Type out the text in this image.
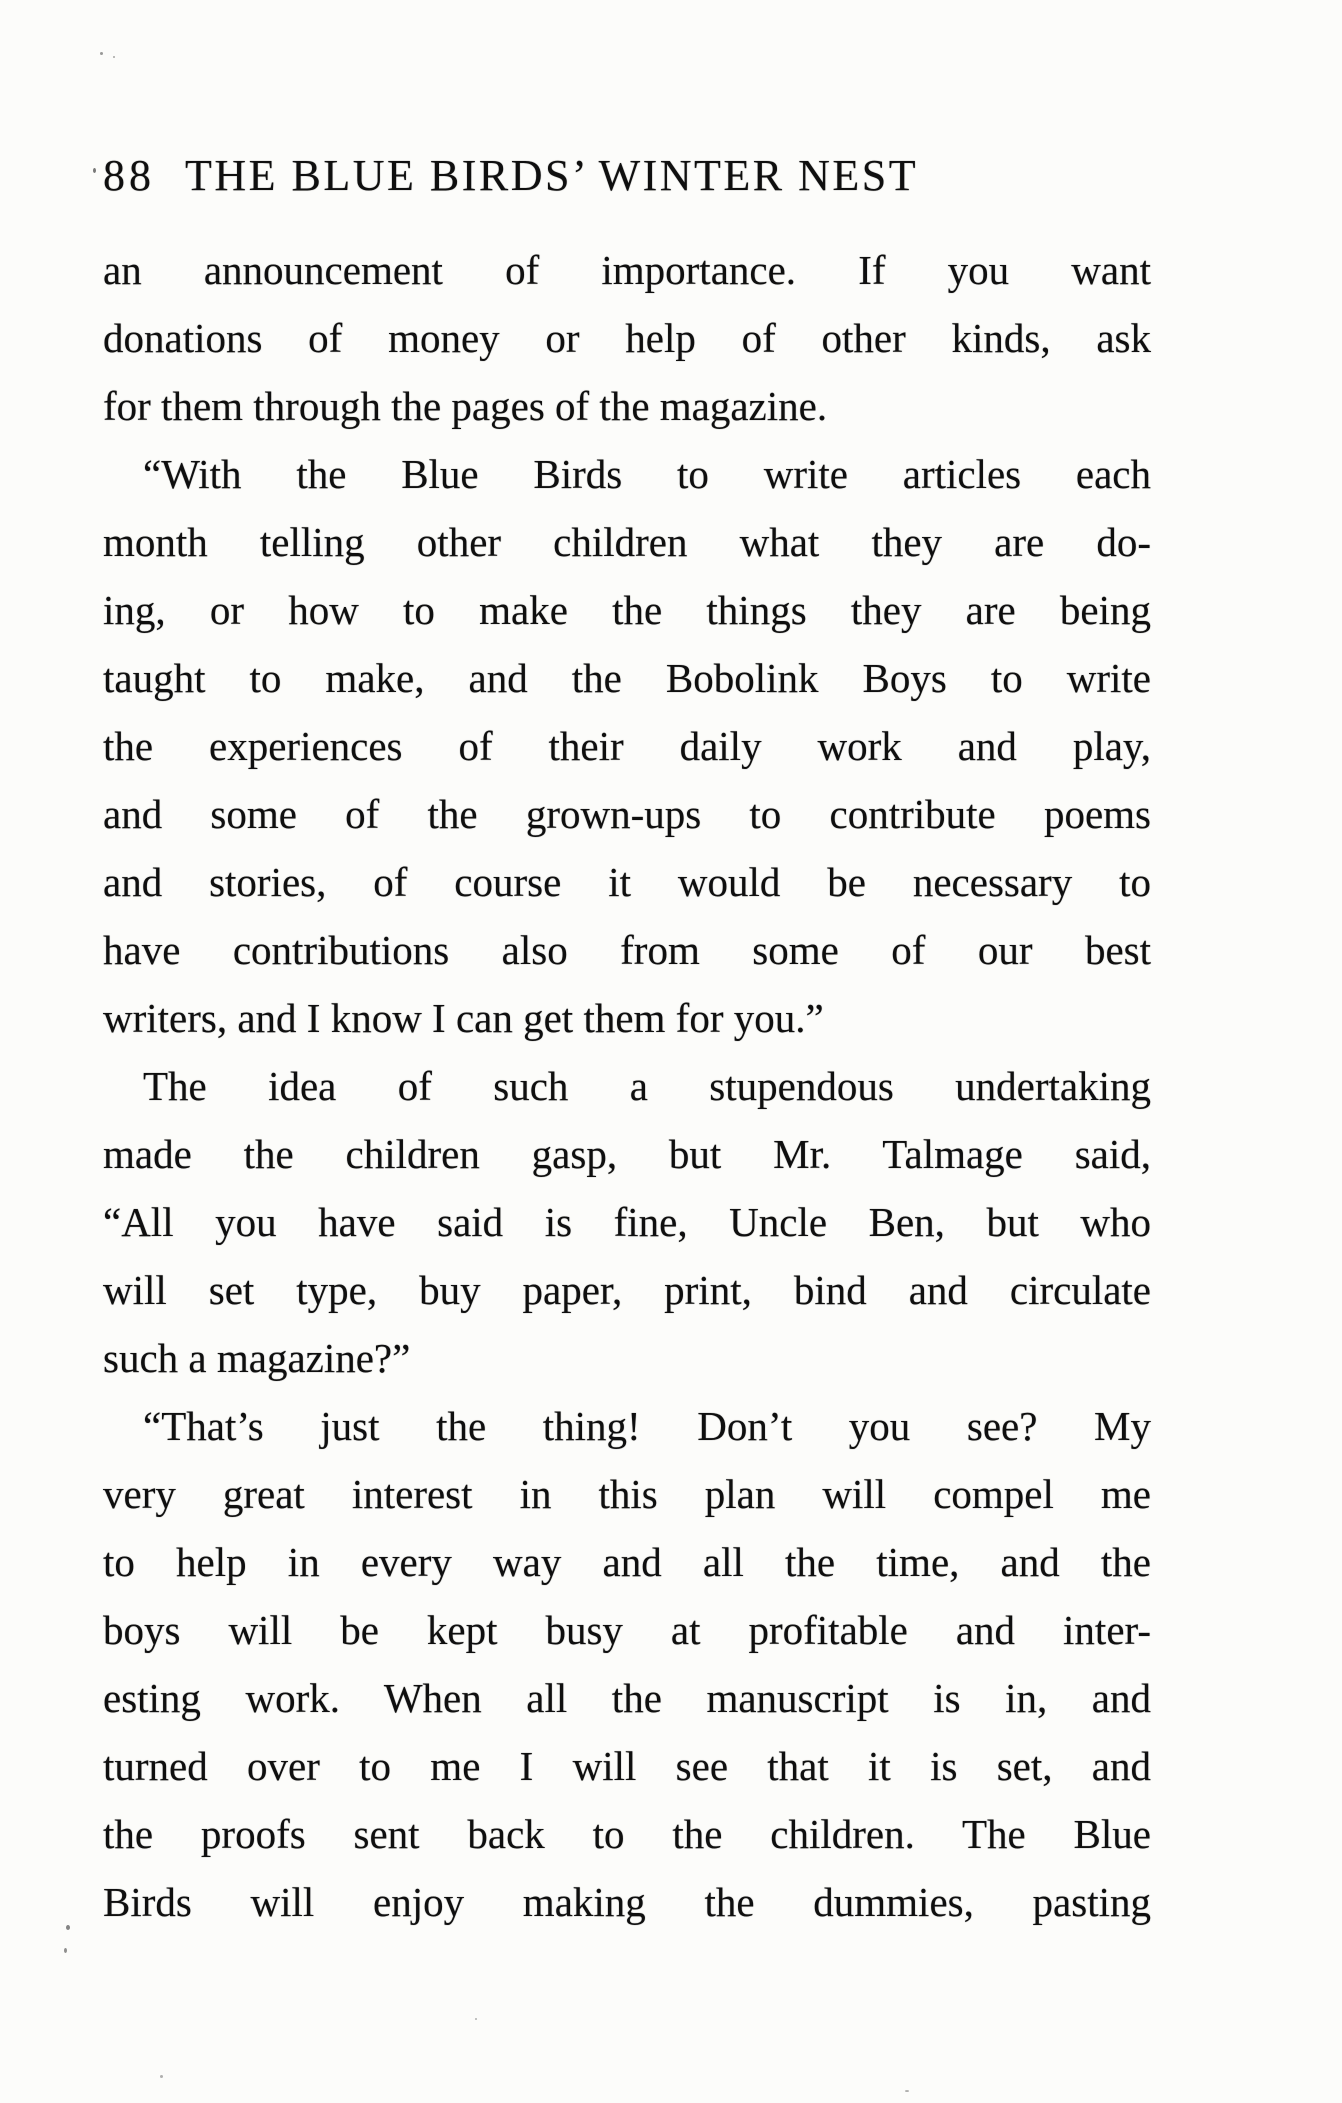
88 THE BLUE BIRDS’ WINTER NEST
an announcement of importance. If you want
donations of money or help of other kinds, ask
for them through the pages of the magazine.
“With the Blue Birds to write articles each
month telling other children what they are do-
ing, or how to make the things they are being
taught to make, and the Bobolink Boys to write
the experiences of their daily work and play,
and some of the grown-ups to contribute poems
and stories, of course it would be necessary to
have contributions also from some of our best
writers, and I know I can get them for you.”
The idea of such a stupendous undertaking
made the children gasp, but Mr. Talmage said,
“All you have said is fine, Uncle Ben, but who
will set type, buy paper, print, bind and circulate
such a magazine?”
“That’s just the thing! Don’t you see? My
very great interest in this plan will compel me
to help in every way and all the time, and the
boys will be kept busy at profitable and inter-
esting work. When all the manuscript is in, and
turned over to me I will see that it is set, and
the proofs sent back to the children. The Blue
Birds will enjoy making the dummies, pasting
